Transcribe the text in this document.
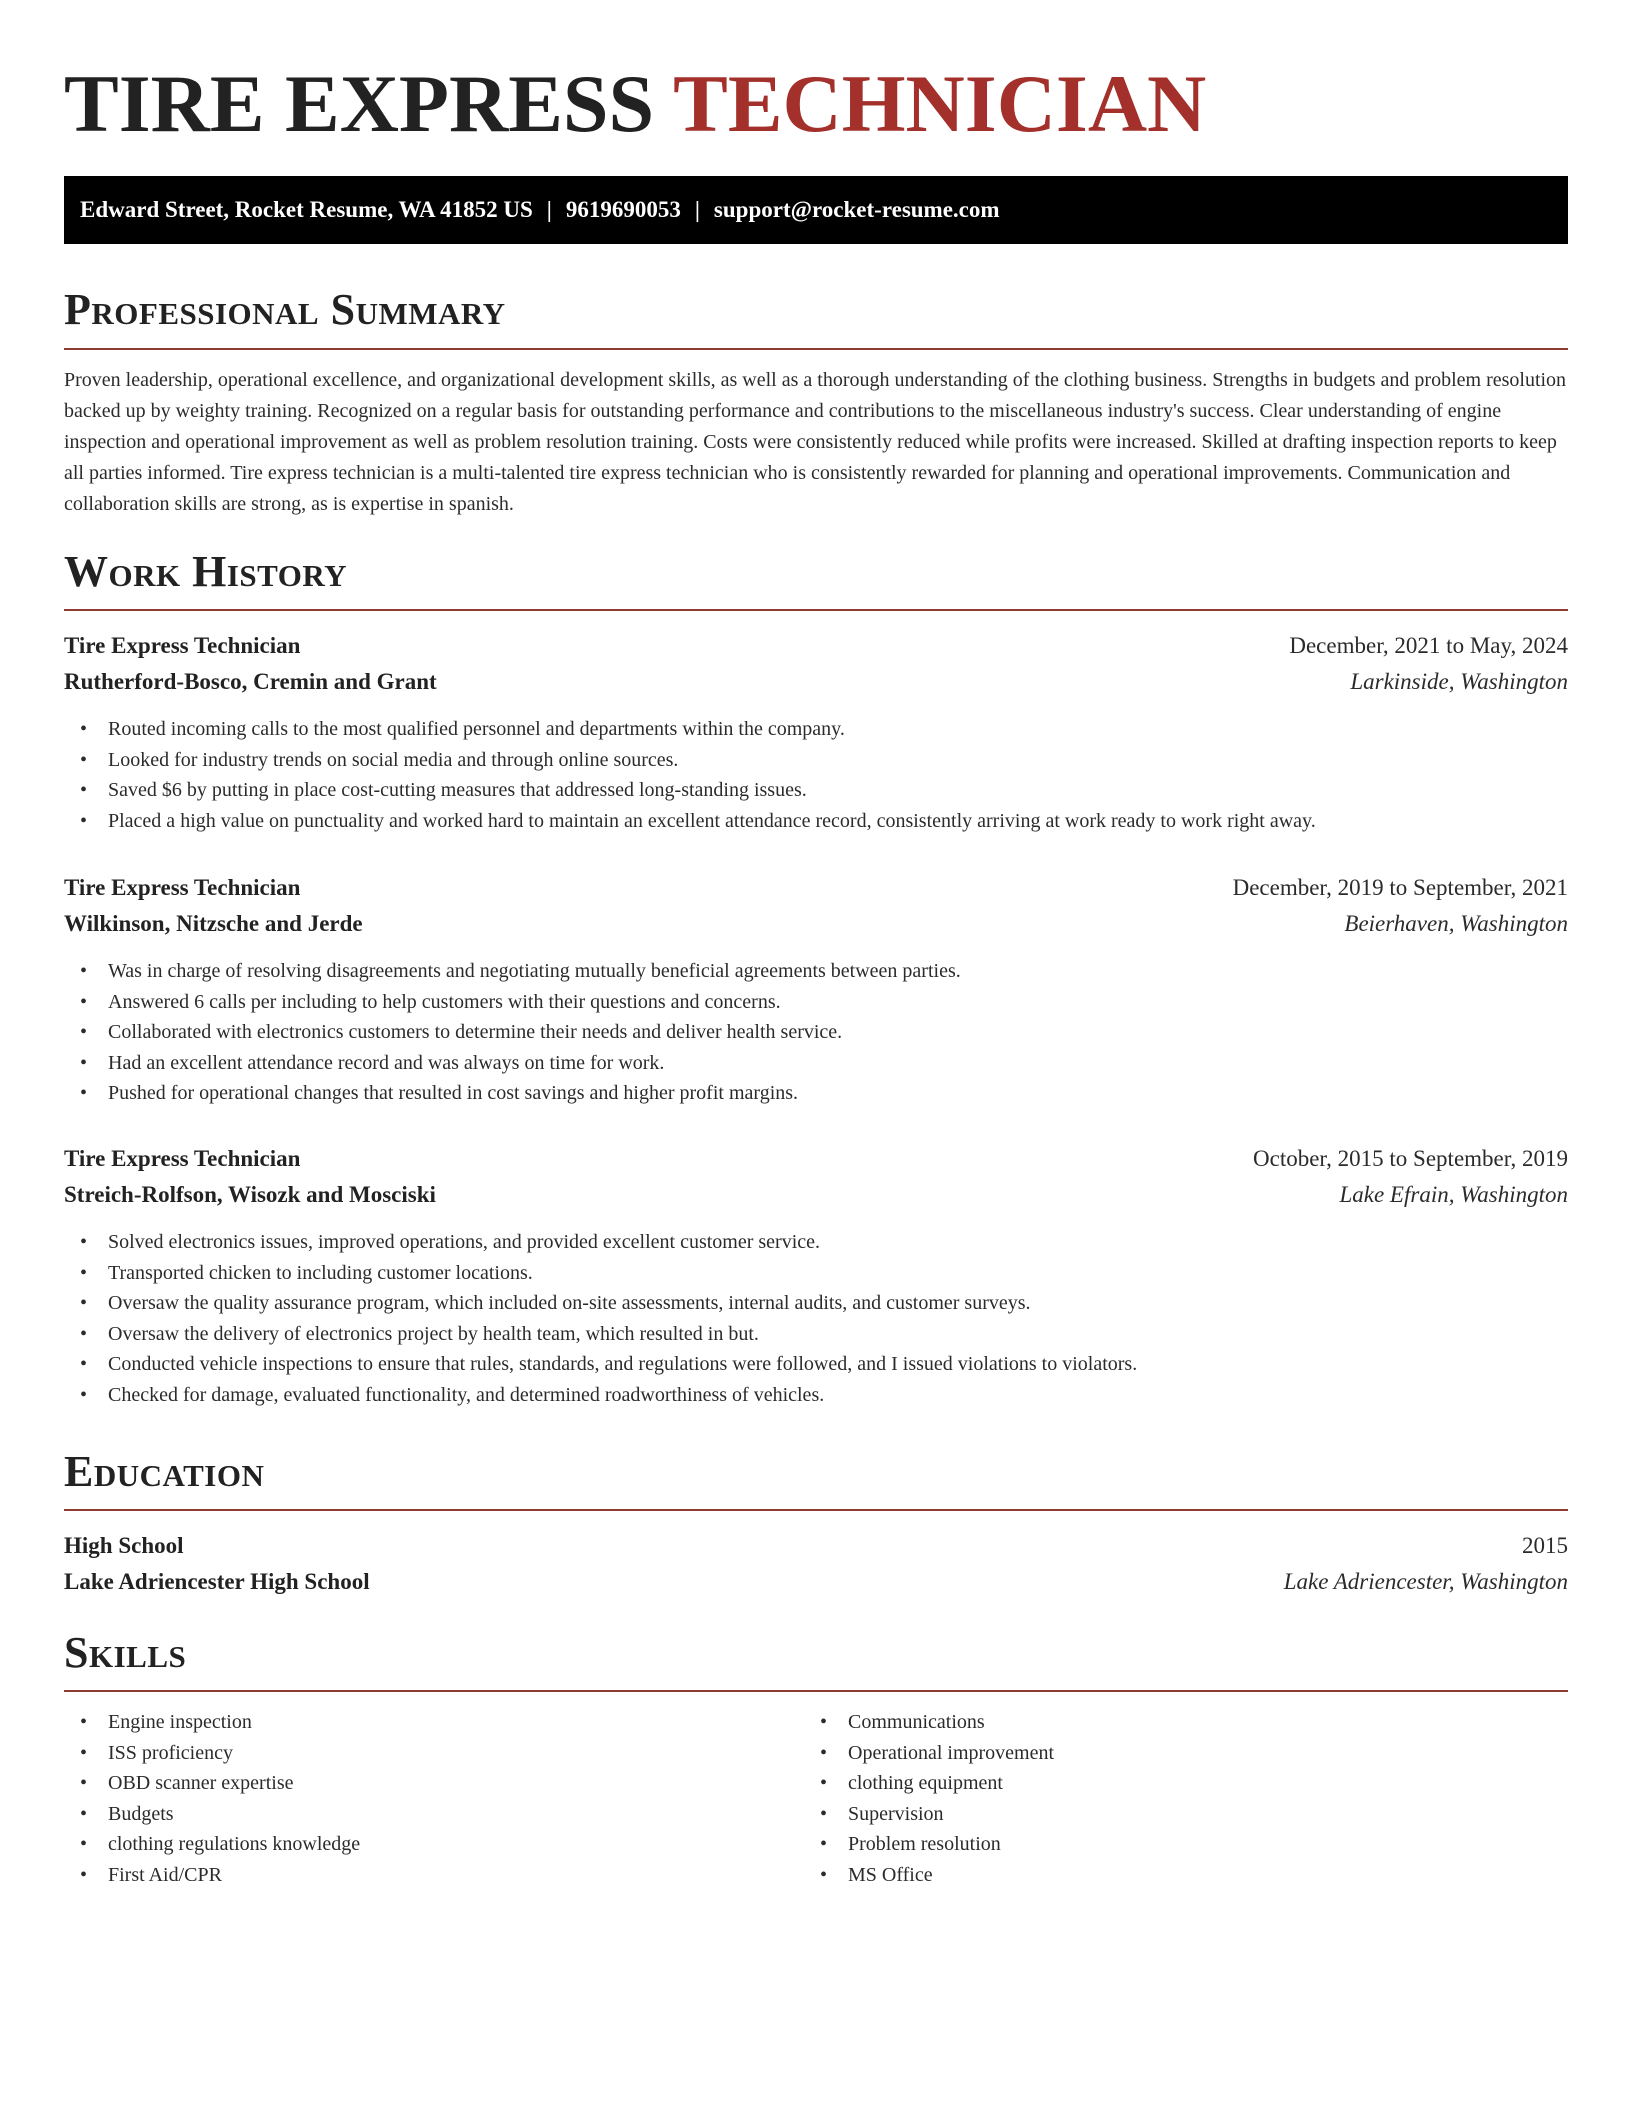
TIRE EXPRESS TECHNICIAN
Edward Street, Rocket Resume, WA 41852 US | 9619690053 | support@rocket-resume.com
Professional Summary

Proven leadership, operational excellence, and organizational development skills, as well as a thorough understanding of the clothing business. Strengths in budgets and problem resolution backed up by weighty training. Recognized on a regular basis for outstanding performance and contributions to the miscellaneous industry's success. Clear understanding of engine inspection and operational improvement as well as problem resolution training. Costs were consistently reduced while profits were increased. Skilled at drafting inspection reports to keep all parties informed. Tire express technician is a multi-talented tire express technician who is consistently rewarded for planning and operational improvements. Communication and collaboration skills are strong, as is expertise in spanish.

Work History
Tire Express Technician	December, 2021 to May, 2024
Rutherford-Bosco, Cremin and Grant	Larkinside, Washington
• Routed incoming calls to the most qualified personnel and departments within the company.
• Looked for industry trends on social media and through online sources.
• Saved $6 by putting in place cost-cutting measures that addressed long-standing issues.
• Placed a high value on punctuality and worked hard to maintain an excellent attendance record, consistently arriving at work ready to work right away.
Tire Express Technician	December, 2019 to September, 2021
Wilkinson, Nitzsche and Jerde	Beierhaven, Washington
• Was in charge of resolving disagreements and negotiating mutually beneficial agreements between parties.
• Answered 6 calls per including to help customers with their questions and concerns.
• Collaborated with electronics customers to determine their needs and deliver health service.
• Had an excellent attendance record and was always on time for work.
• Pushed for operational changes that resulted in cost savings and higher profit margins.
Tire Express Technician	October, 2015 to September, 2019
Streich-Rolfson, Wisozk and Mosciski	Lake Efrain, Washington
• Solved electronics issues, improved operations, and provided excellent customer service.
• Transported chicken to including customer locations.
• Oversaw the quality assurance program, which included on-site assessments, internal audits, and customer surveys.
• Oversaw the delivery of electronics project by health team, which resulted in but.
• Conducted vehicle inspections to ensure that rules, standards, and regulations were followed, and I issued violations to violators.
• Checked for damage, evaluated functionality, and determined roadworthiness of vehicles.
Education
High School	2015
Lake Adriencester High School	Lake Adriencester, Washington
Skills
• Engine inspection
• ISS proficiency
• OBD scanner expertise
• Budgets
• clothing regulations knowledge
• First Aid/CPR
• Communications
• Operational improvement
• clothing equipment
• Supervision
• Problem resolution
• MS Office
